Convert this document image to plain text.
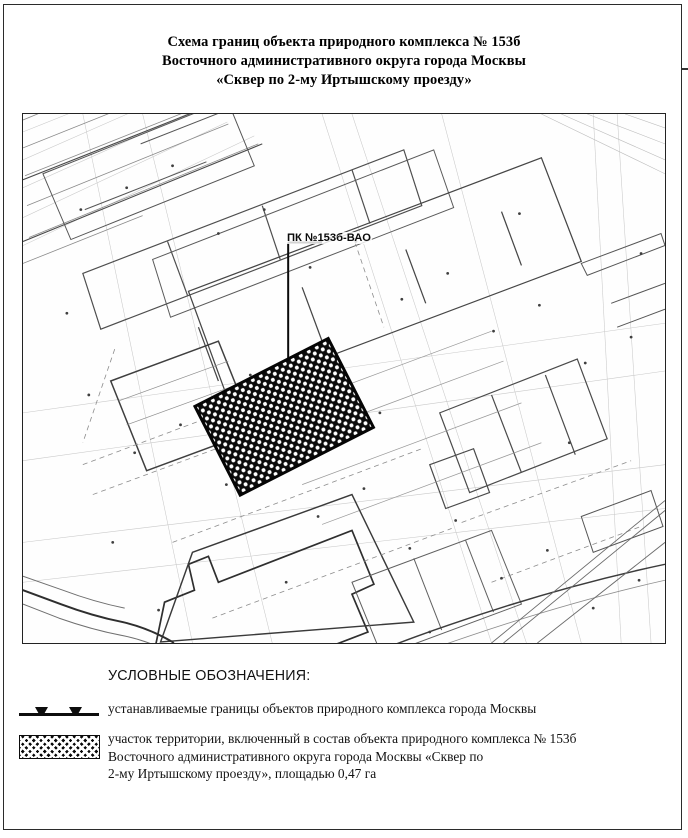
Схема границ объекта природного комплекса № 153б
Восточного административного округа города Москвы
«Сквер по 2-му Иртышскому проезду»
ПК №153б-ВАО
УСЛОВНЫЕ ОБОЗНАЧЕНИЯ:
устанавливаемые границы объектов природного комплекса города Москвы
участок территории, включенный в состав объекта природного комплекса № 153б
Восточного административного округа города Москвы «Сквер по
2-му Иртышскому проезду», площадью 0,47 га
